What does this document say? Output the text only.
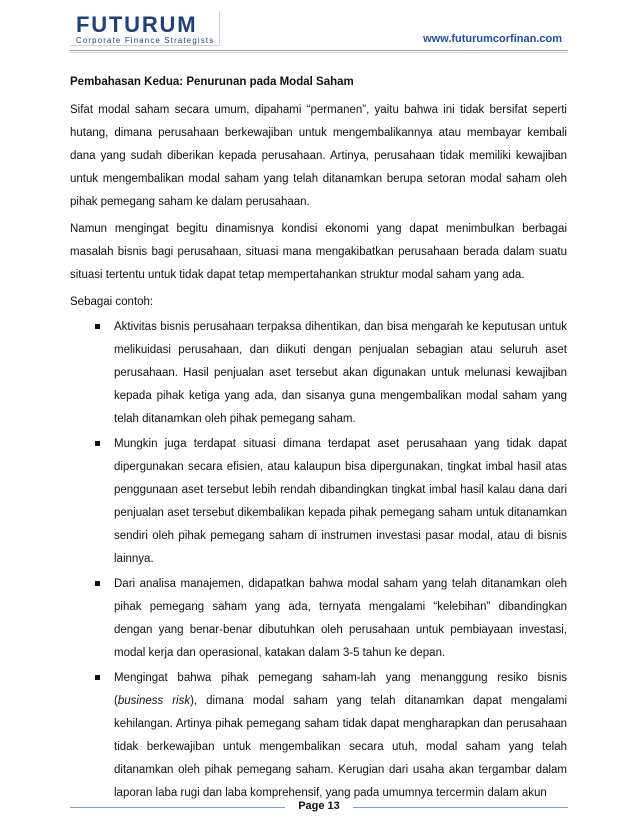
FUTURUM
Corporate Finance Strategists	www.futurumcorfinan.com

Pembahasan Kedua: Penurunan pada Modal Saham

Sifat modal saham secara umum, dipahami “permanen”, yaitu bahwa ini tidak bersifat seperti hutang, dimana perusahaan berkewajiban untuk mengembalikannya atau membayar kembali dana yang sudah diberikan kepada perusahaan. Artinya, perusahaan tidak memiliki kewajiban untuk mengembalikan modal saham yang telah ditanamkan berupa setoran modal saham oleh pihak pemegang saham ke dalam perusahaan.

Namun mengingat begitu dinamisnya kondisi ekonomi yang dapat menimbulkan berbagai masalah bisnis bagi perusahaan, situasi mana mengakibatkan perusahaan berada dalam suatu situasi tertentu untuk tidak dapat tetap mempertahankan struktur modal saham yang ada.

Sebagai contoh:

Aktivitas bisnis perusahaan terpaksa dihentikan, dan bisa mengarah ke keputusan untuk melikuidasi perusahaan, dan diikuti dengan penjualan sebagian atau seluruh aset perusahaan. Hasil penjualan aset tersebut akan digunakan untuk melunasi kewajiban kepada pihak ketiga yang ada, dan sisanya guna mengembalikan modal saham yang telah ditanamkan oleh pihak pemegang saham.
Mungkin juga terdapat situasi dimana terdapat aset perusahaan yang tidak dapat dipergunakan secara efisien, atau kalaupun bisa dipergunakan, tingkat imbal hasil atas penggunaan aset tersebut lebih rendah dibandingkan tingkat imbal hasil kalau dana dari penjualan aset tersebut dikembalikan kepada pihak pemegang saham untuk ditanamkan sendiri oleh pihak pemegang saham di instrumen investasi pasar modal, atau di bisnis lainnya.
Dari analisa manajemen, didapatkan bahwa modal saham yang telah ditanamkan oleh pihak pemegang saham yang ada, ternyata mengalami “kelebihan” dibandingkan dengan yang benar-benar dibutuhkan oleh perusahaan untuk pembiayaan investasi, modal kerja dan operasional, katakan dalam 3-5 tahun ke depan.
Mengingat bahwa pihak pemegang saham-lah yang menanggung resiko bisnis (business risk), dimana modal saham yang telah ditanamkan dapat mengalami kehilangan. Artinya pihak pemegang saham tidak dapat mengharapkan dan perusahaan tidak berkewajiban untuk mengembalikan secara utuh, modal saham yang telah ditanamkan oleh pihak pemegang saham. Kerugian dari usaha akan tergambar dalam laporan laba rugi dan laba komprehensif, yang pada umumnya tercermin dalam akun
Page 13
